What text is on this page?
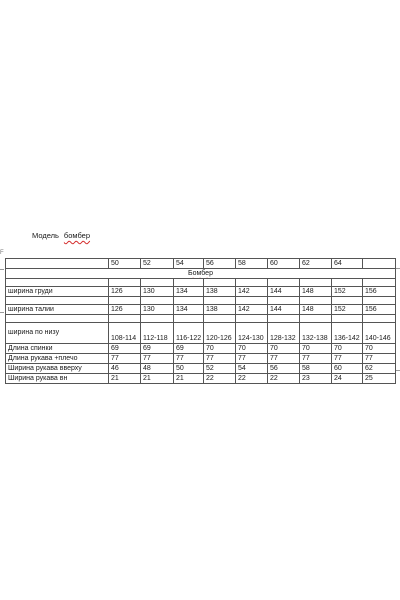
Модель бомбер
F
	50	52	54	56	58	60	62	64	
Бомбер									

ширина груди	126	130	134	138	142	144	148	152	156

ширина талии	126	130	134	138	142	144	148	152	156

ширина по низу	108-114	112-118	116-122	120-126	124-130	128-132	132-138	136-142	140-146
Длина спинки	69	69	69	70	70	70	70	70	70
Длина рукава +плечо	77	77	77	77	77	77	77	77	77
Ширина рукава вверху	46	48	50	52	54	56	58	60	62
Ширина рукава вн	21	21	21	22	22	22	23	24	25
